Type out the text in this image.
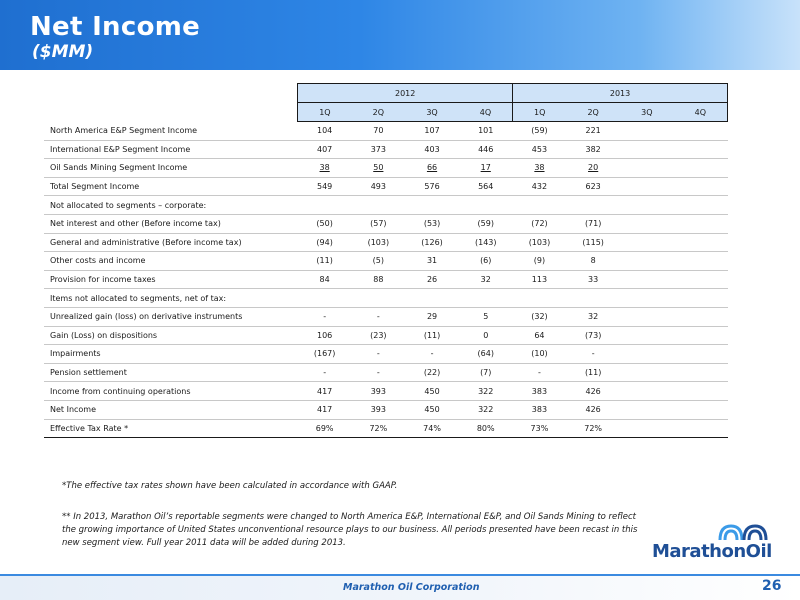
Net Income
($MM)
	2012				2013			
	1Q	2Q	3Q	4Q	1Q	2Q	3Q	4Q
North America E&P Segment Income	104	70	107	101	(59)	221		
International E&P Segment Income	407	373	403	446	453	382		
Oil Sands Mining Segment Income	38	50	66	17	38	20		
Total Segment Income	549	493	576	564	432	623		
Not allocated to segments – corporate:								
Net interest and other (Before income tax)	(50)	(57)	(53)	(59)	(72)	(71)		
General and administrative (Before income tax)	(94)	(103)	(126)	(143)	(103)	(115)		
Other costs and income	(11)	(5)	31	(6)	(9)	8		
Provision for income taxes	84	88	26	32	113	33		
Items not allocated to segments, net of tax:								
Unrealized gain (loss) on derivative instruments	-	-	29	5	(32)	32		
Gain (Loss) on dispositions	106	(23)	(11)	0	64	(73)		
Impairments	(167)	-	-	(64)	(10)	-		
Pension settlement	-	-	(22)	(7)	-	(11)		
Income from continuing operations	417	393	450	322	383	426		
Net Income	417	393	450	322	383	426		
Effective Tax Rate *	69%	72%	74%	80%	73%	72%		
*The effective tax rates shown have been calculated in accordance with GAAP.
** In 2013, Marathon Oil’s reportable segments were changed to North America E&P, International E&P, and Oil Sands Mining to reflect the growing importance of United States unconventional resource plays to our business. All periods presented have been recast in this new segment view. Full year 2011 data will be added during 2013.	MarathonOil
Marathon Oil Corporation	26
